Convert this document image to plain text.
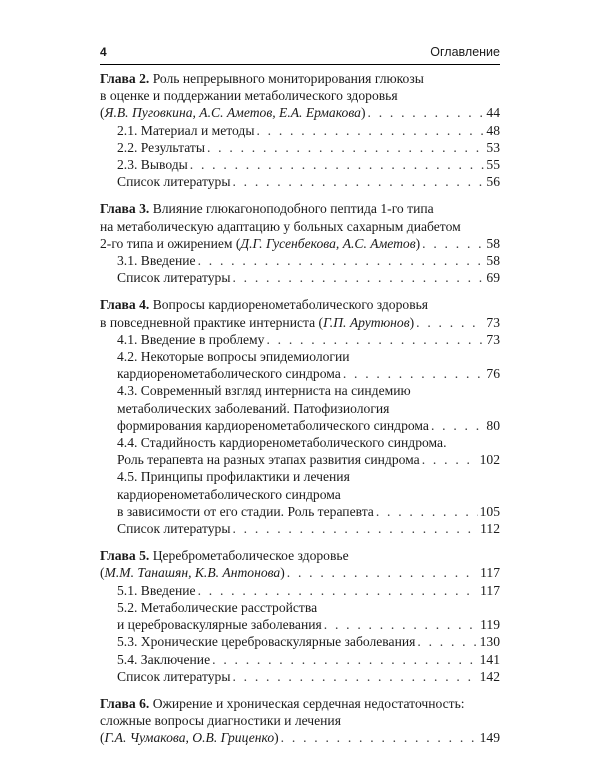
4	Оглавление
Глава 2. Роль непрерывного мониторирования глюкозы
в оценке и поддержании метаболического здоровья
(Я.В. Пуговкина, А.С. Аметов, Е.А. Ермакова) . . .	44
2.1. Материал и методы . . .	48
2.2. Результаты . . .	53
2.3. Выводы . . .	55
Список литературы . . .	56
Глава 3. Влияние глюкагоноподобного пептида 1-го типа
на метаболическую адаптацию у больных сахарным диабетом
2-го типа и ожирением (Д.Г. Гусенбекова, А.С. Аметов) . . .	58
3.1. Введение . . .	58
Список литературы . . .	69
Глава 4. Вопросы кардиоренометаболического здоровья
в повседневной практике интерниста (Г.П. Арутюнов) . . .	73
4.1. Введение в проблему . . .	73
4.2. Некоторые вопросы эпидемиологии
кардиоренометаболического синдрома . . .	76
4.3. Современный взгляд интерниста на синдемию
метаболических заболеваний. Патофизиология
формирования кардиоренометаболического синдрома . . .	80
4.4. Стадийность кардиоренометаболического синдрома.
Роль терапевта на разных этапах развития синдрома . . .	102
4.5. Принципы профилактики и лечения
кардиоренометаболического синдрома
в зависимости от его стадии. Роль терапевта . . .	105
Список литературы . . .	112
Глава 5. Цереброметаболическое здоровье
(М.М. Танашян, К.В. Антонова) . . .	117
5.1. Введение . . .	117
5.2. Метаболические расстройства
и цереброваскулярные заболевания . . .	119
5.3. Хронические цереброваскулярные заболевания . . .	130
5.4. Заключение . . .	141
Список литературы . . .	142
Глава 6. Ожирение и хроническая сердечная недостаточность:
сложные вопросы диагностики и лечения
(Г.А. Чумакова, О.В. Гриценко) . . .	149
